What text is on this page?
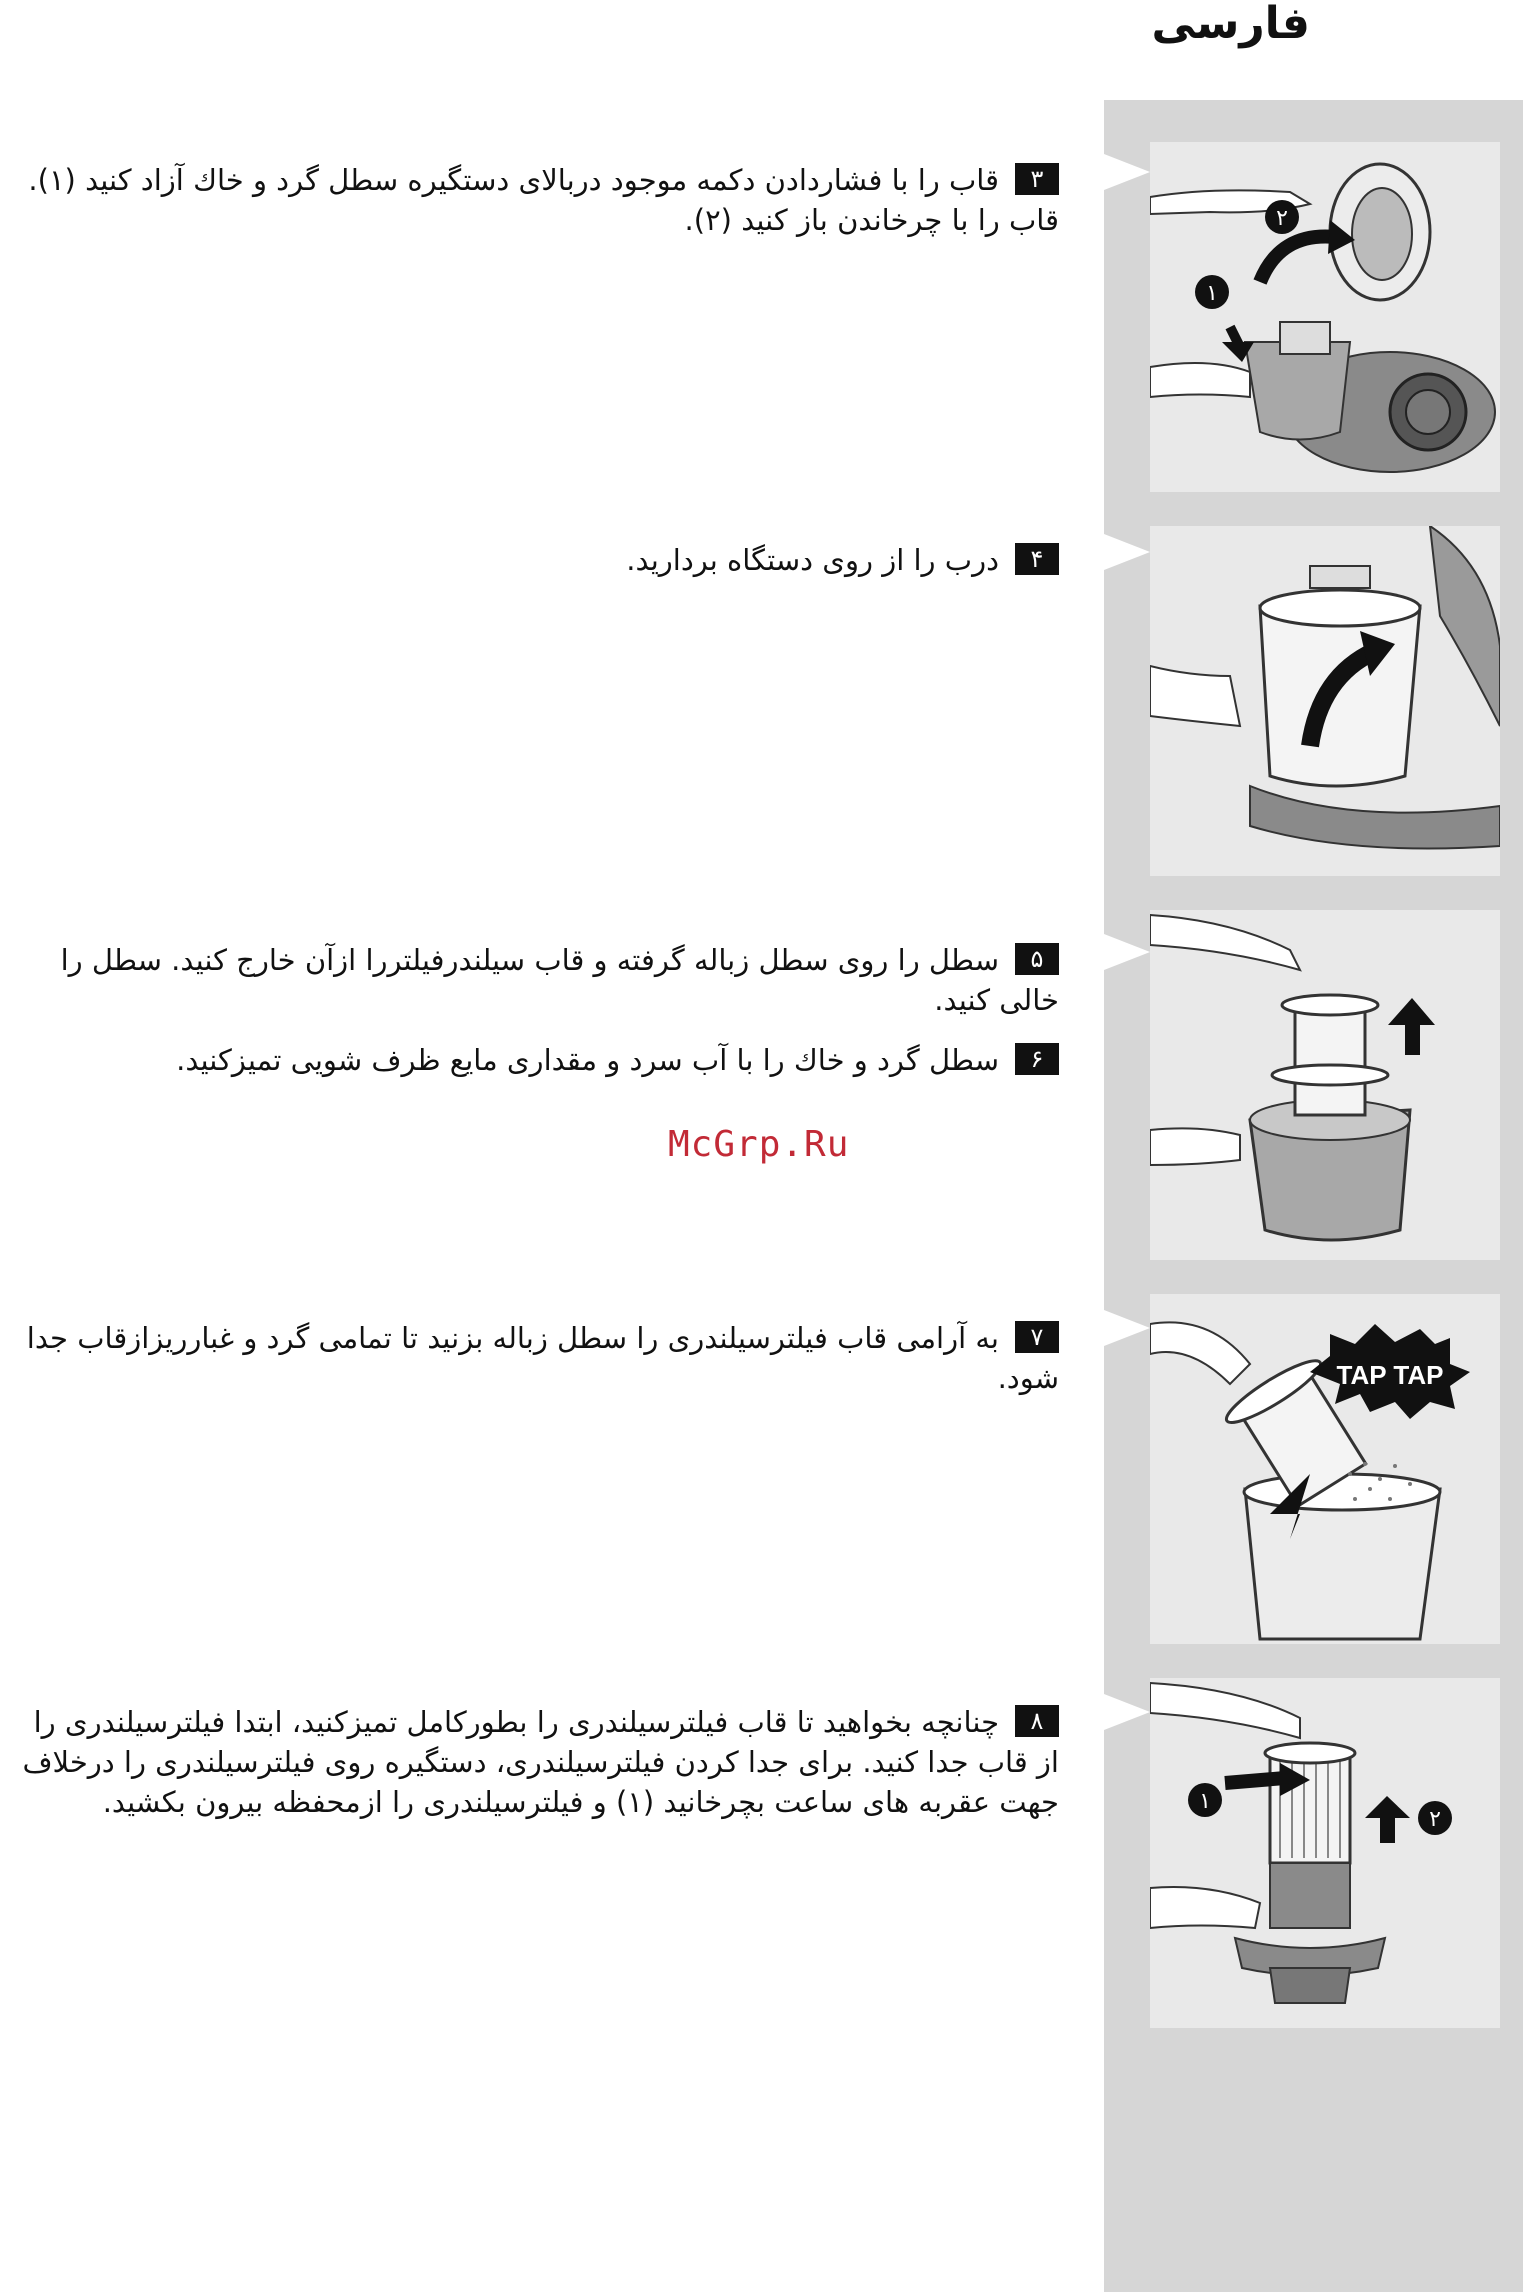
فارسی
۱
۲
TAP TAP
۱
۲
۳قاب را با فشاردادن دکمه موجود دربالای دستگیره سطل گرد و خاك آزاد کنید (۱). قاب را با چرخاندن باز کنید (۲).
۴درب را از روی دستگاه بردارید.
۵سطل را روی سطل زباله گرفته و قاب سیلندرفیلتررا ازآن خارج کنید. سطل را خالی کنید.
۶سطل گرد و خاك را با آب سرد و مقداری مایع ظرف شویی تمیزکنید.
McGrp.Ru
۷به آرامی قاب فیلترسیلندری را سطل زباله بزنید تا تمامی گرد و غبارریزازقاب جدا شود.
۸چنانچه بخواهید تا قاب فیلترسیلندری را بطورکامل تمیزکنید، ابتدا فیلترسیلندری را از قاب جدا کنید. برای جدا کردن فیلترسیلندری، دستگیره روی فیلترسیلندری را درخلاف جهت عقربه های ساعت بچرخانید (۱) و فیلترسیلندری را ازمحفظه بیرون بکشید.
